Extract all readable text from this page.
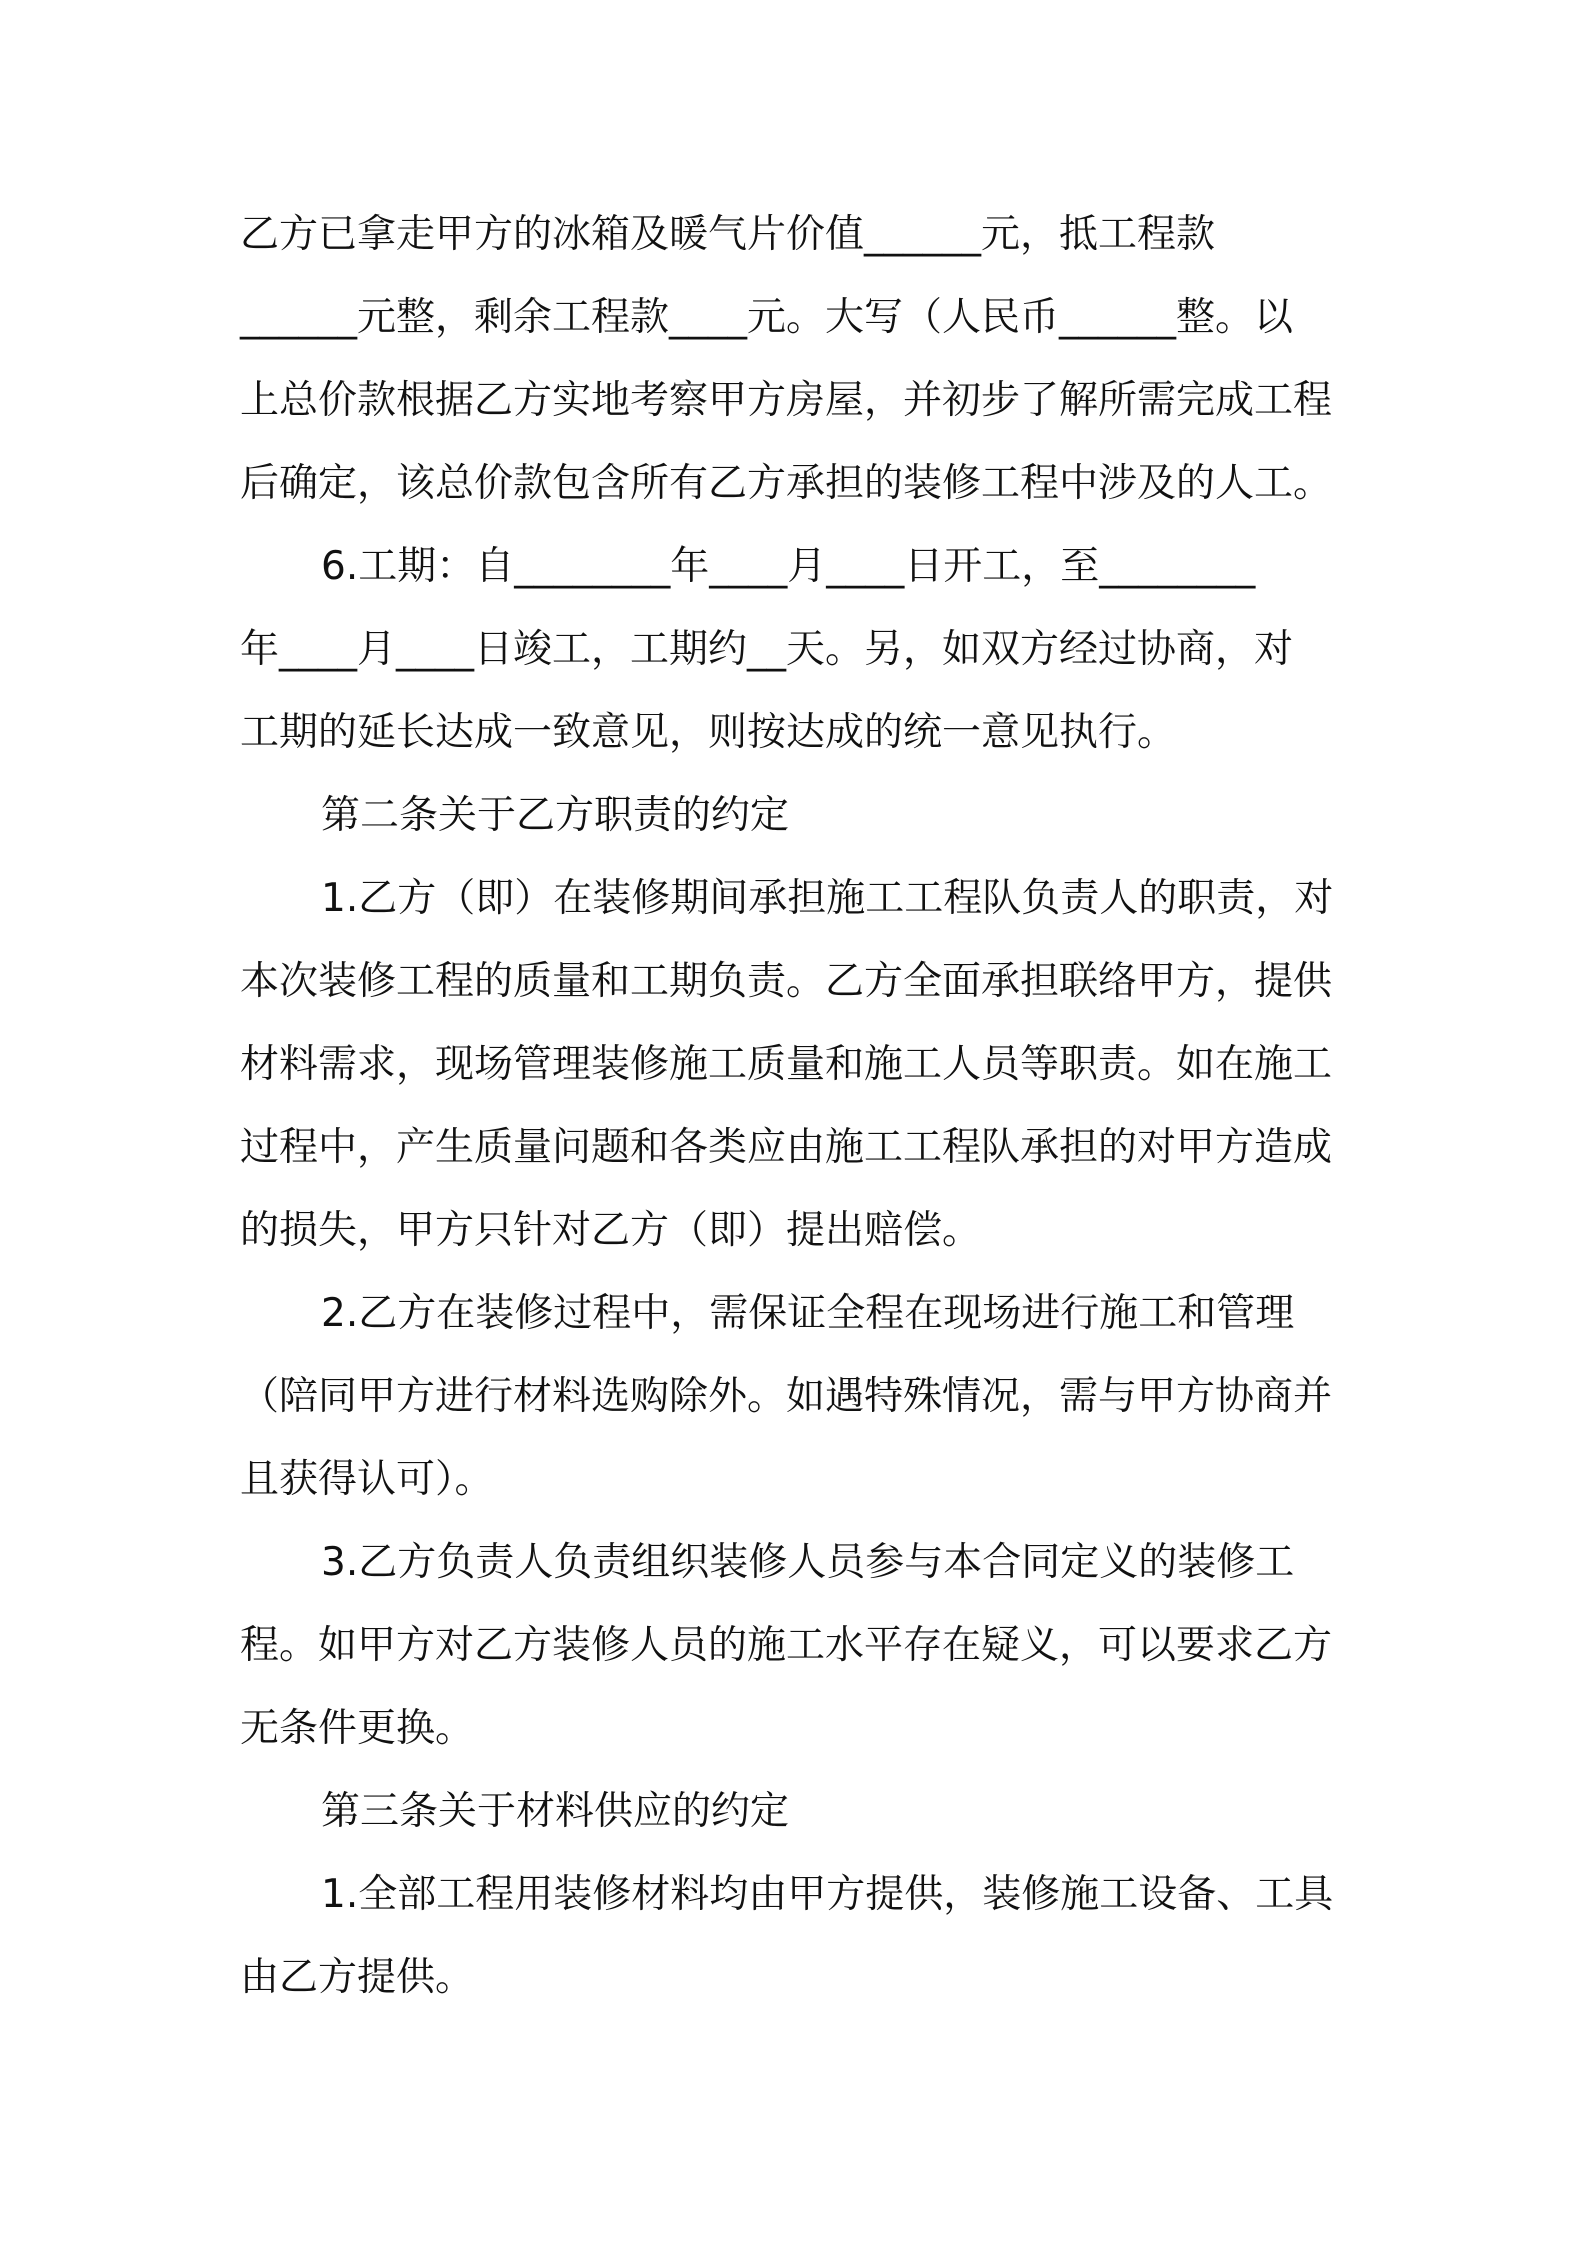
乙方已拿走甲方的冰箱及暖气片价值______元，抵工程款
______元整，剩余工程款____元。大写（人民币______整。以
上总价款根据乙方实地考察甲方房屋，并初步了解所需完成工程
后确定，该总价款包含所有乙方承担的装修工程中涉及的人工。
6.工期：自________年____月____日开工，至________
年____月____日竣工，工期约__天。另，如双方经过协商，对
工期的延长达成一致意见，则按达成的统一意见执行。
第二条关于乙方职责的约定
1.乙方（即）在装修期间承担施工工程队负责人的职责，对
本次装修工程的质量和工期负责。乙方全面承担联络甲方，提供
材料需求，现场管理装修施工质量和施工人员等职责。如在施工
过程中，产生质量问题和各类应由施工工程队承担的对甲方造成
的损失，甲方只针对乙方（即）提出赔偿。
2.乙方在装修过程中，需保证全程在现场进行施工和管理
（陪同甲方进行材料选购除外。如遇特殊情况，需与甲方协商并
且获得认可）。
3.乙方负责人负责组织装修人员参与本合同定义的装修工
程。如甲方对乙方装修人员的施工水平存在疑义，可以要求乙方
无条件更换。
第三条关于材料供应的约定
1.全部工程用装修材料均由甲方提供，装修施工设备、工具
由乙方提供。
